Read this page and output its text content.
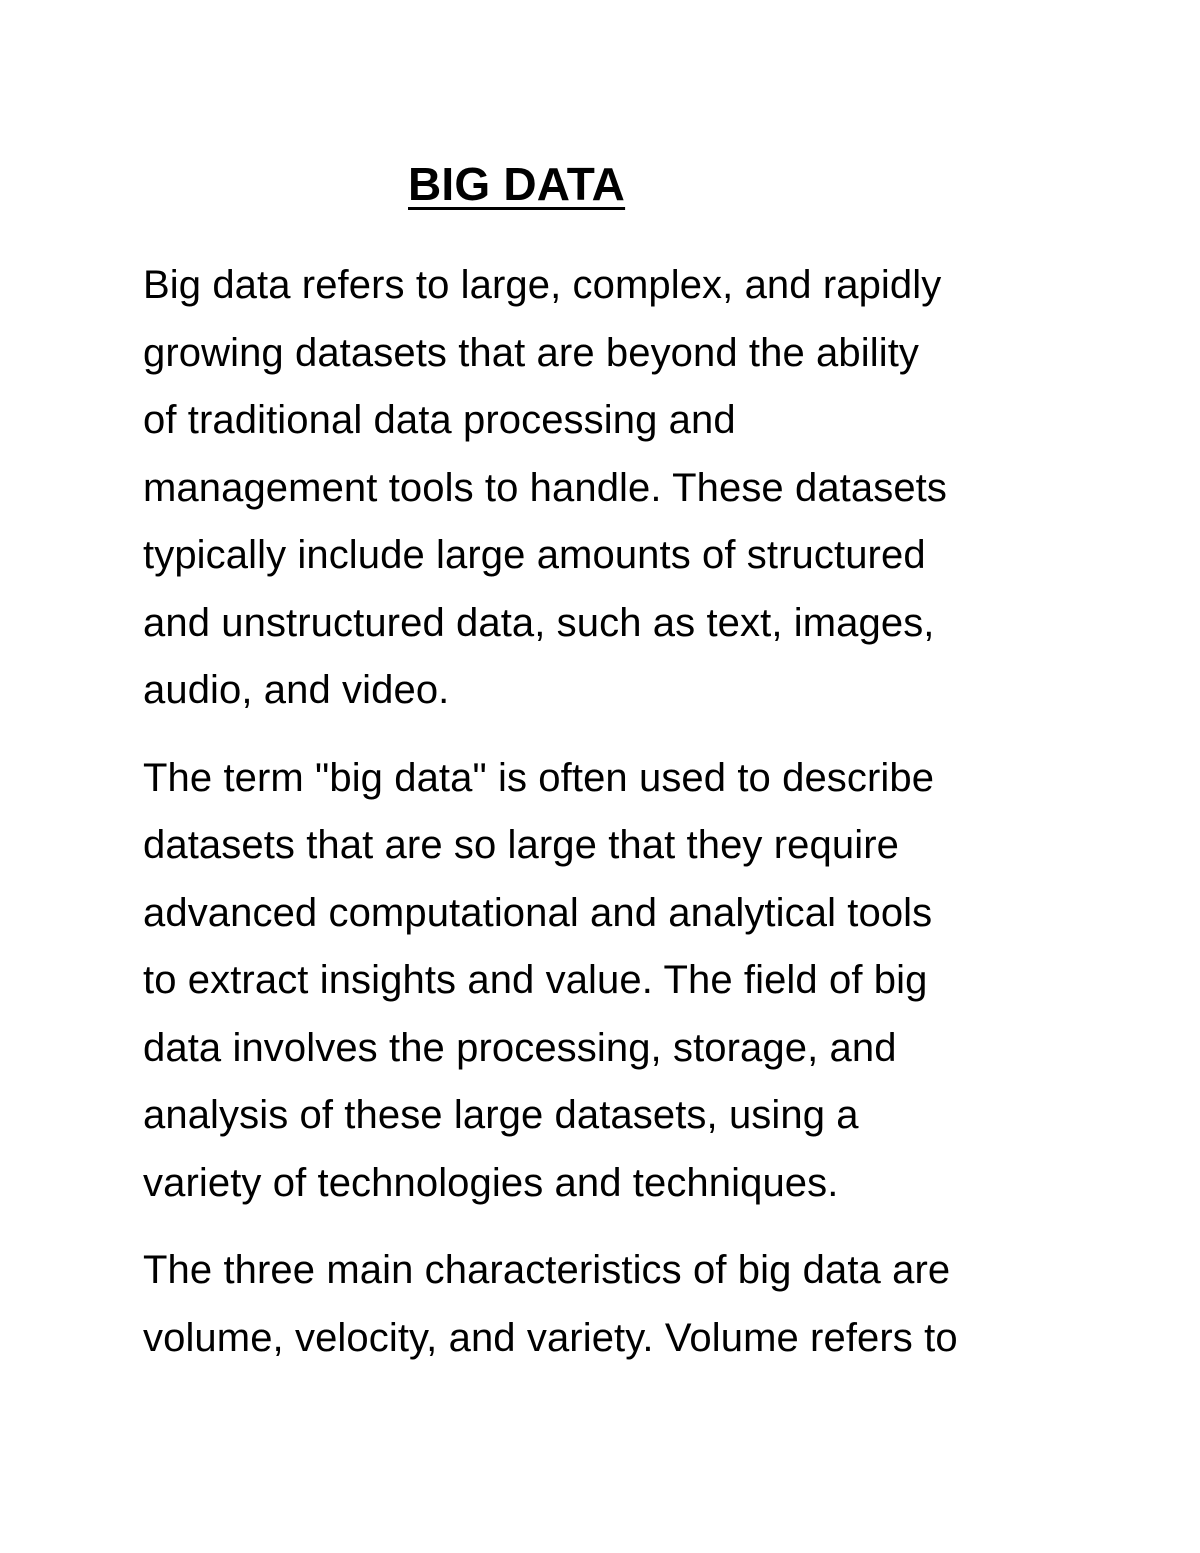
BIG DATA

Big data refers to large, complex, and rapidly
growing datasets that are beyond the ability
of traditional data processing and
management tools to handle. These datasets
typically include large amounts of structured
and unstructured data, such as text, images,
audio, and video.

The term "big data" is often used to describe
datasets that are so large that they require
advanced computational and analytical tools
to extract insights and value. The field of big
data involves the processing, storage, and
analysis of these large datasets, using a
variety of technologies and techniques.

The three main characteristics of big data are
volume, velocity, and variety. Volume refers to
